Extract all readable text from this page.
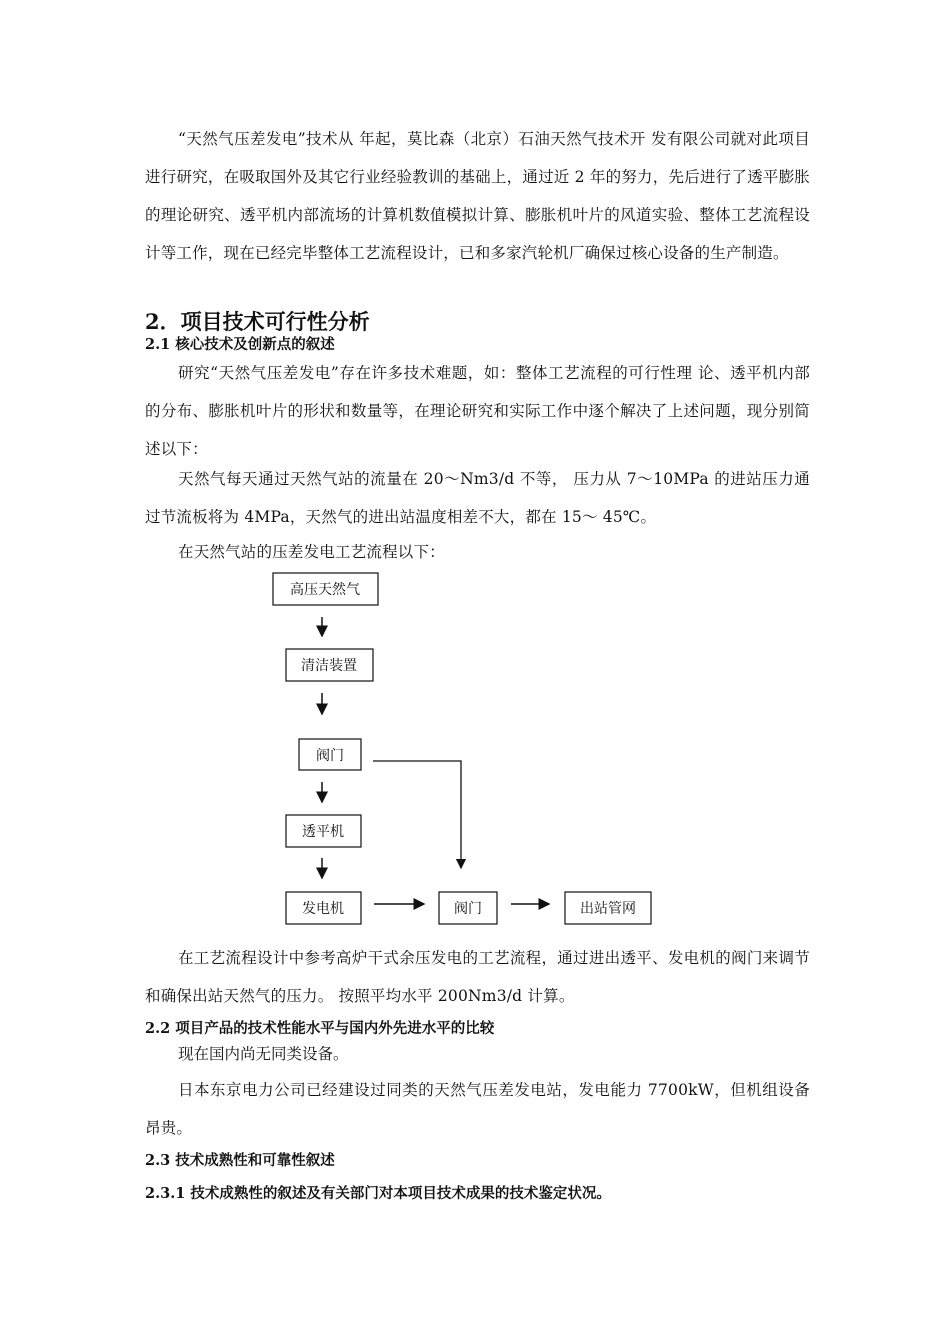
“天然气压差发电”技术从 年起，莫比森（北京）石油天然气技术开 发有限公司就对此项目进行研究，在吸取国外及其它行业经验教训的基础上，通过近 2 年的努力，先后进行了透平膨胀的理论研究、透平机内部流场的计算机数值模拟计算、膨胀机叶片的风道实验、整体工艺流程设计等工作，现在已经完毕整体工艺流程设计，已和多家汽轮机厂确保过核心设备的生产制造。

2．项目技术可行性分析
2.1 核心技术及创新点的叙述

研究“天然气压差发电”存在许多技术难题，如：整体工艺流程的可行性理 论、透平机内部的分布、膨胀机叶片的形状和数量等，在理论研究和实际工作中逐个解决了上述问题，现分别简述以下：

天然气每天通过天然气站的流量在 20～Nm3/d 不等， 压力从 7～10MPa 的进站压力通过节流板将为 4MPa，天然气的进出站温度相差不大，都在 15～ 45℃。

在天然气站的压差发电工艺流程以下：

高压天然气
清洁装置
阀门
透平机
发电机	阀门	出站管网

在工艺流程设计中参考高炉干式余压发电的工艺流程，通过进出透平、发电机的阀门来调节和确保出站天然气的压力。 按照平均水平 200Nm3/d 计算。

2.2 项目产品的技术性能水平与国内外先进水平的比较

现在国内尚无同类设备。

日本东京电力公司已经建设过同类的天然气压差发电站，发电能力 7700kW，但机组设备昂贵。

2.3 技术成熟性和可靠性叙述
2.3.1 技术成熟性的叙述及有关部门对本项目技术成果的技术鉴定状况。
